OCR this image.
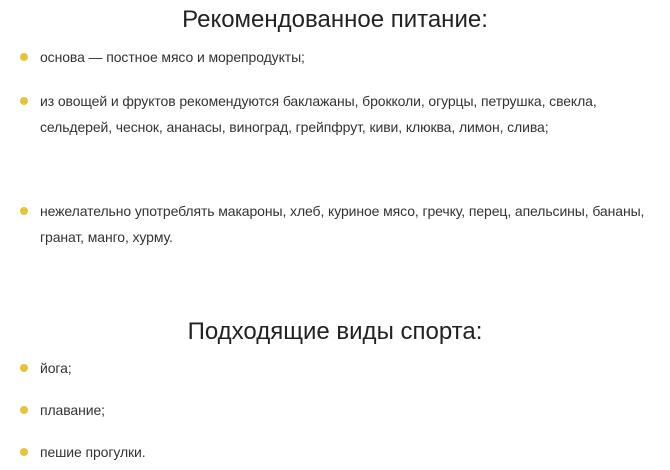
Рекомендованное питание:
основа — постное мясо и морепродукты;
из овощей и фруктов рекомендуются баклажаны, брокколи, огурцы, петрушка, свекла, сельдерей, чеснок, ананасы, виноград, грейпфрут, киви, клюква, лимон, слива;
нежелательно употреблять макароны, хлеб, куриное мясо, гречку, перец, апельсины, бананы, гранат, манго, хурму.
Подходящие виды спорта:
йога;
плавание;
пешие прогулки.
